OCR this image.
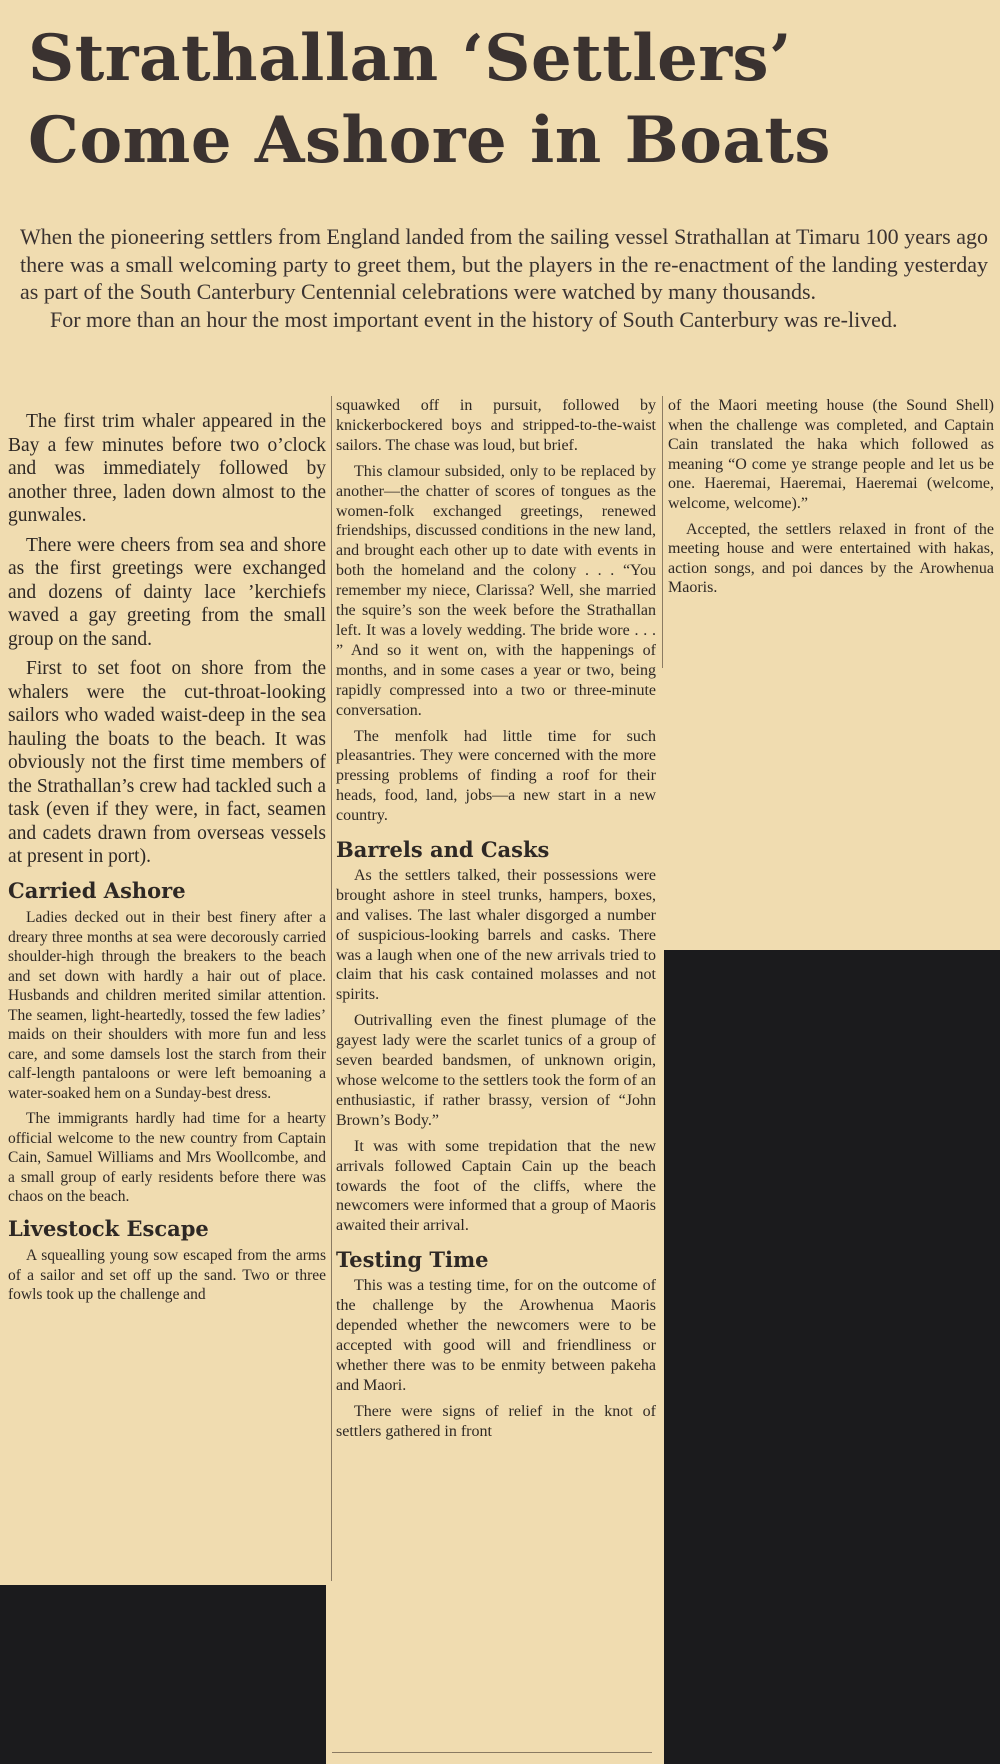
Strathallan ‘Settlers’
Come Ashore in Boats

When the pioneering settlers from England landed from the sailing vessel Strathallan at Timaru 100 years ago there was a small welcoming party to greet them, but the players in the re-enactment of the landing yesterday as part of the South Canterbury Centennial celebrations were watched by many thousands.

For more than an hour the most important event in the history of South Canterbury was re-lived.

The first trim whaler appeared in the Bay a few minutes before two o’clock and was immediately followed by another three, laden down almost to the gunwales.

There were cheers from sea and shore as the first greetings were exchanged and dozens of dainty lace ’kerchiefs waved a gay greeting from the small group on the sand.

First to set foot on shore from the whalers were the cut-throat-looking sailors who waded waist-deep in the sea hauling the boats to the beach. It was obviously not the first time members of the Strathallan’s crew had tackled such a task (even if they were, in fact, seamen and cadets drawn from overseas vessels at present in port).

Carried Ashore

Ladies decked out in their best finery after a dreary three months at sea were decorously carried shoulder-high through the breakers to the beach and set down with hardly a hair out of place. Husbands and children merited similar attention. The seamen, light-heartedly, tossed the few ladies’ maids on their shoulders with more fun and less care, and some damsels lost the starch from their calf-length pantaloons or were left bemoaning a water-soaked hem on a Sunday-best dress.

The immigrants hardly had time for a hearty official welcome to the new country from Captain Cain, Samuel Williams and Mrs Woollcombe, and a small group of early residents before there was chaos on the beach.

Livestock Escape

A squealling young sow escaped from the arms of a sailor and set off up the sand. Two or three fowls took up the challenge and

squawked off in pursuit, followed by knickerbockered boys and stripped-to-the-waist sailors. The chase was loud, but brief.

This clamour subsided, only to be replaced by another—the chatter of scores of tongues as the women-folk exchanged greetings, renewed friendships, discussed conditions in the new land, and brought each other up to date with events in both the homeland and the colony . . . “You remember my niece, Clarissa? Well, she married the squire’s son the week before the Strathallan left. It was a lovely wedding. The bride wore . . . ” And so it went on, with the happenings of months, and in some cases a year or two, being rapidly compressed into a two or three-minute conversation.

The menfolk had little time for such pleasantries. They were concerned with the more pressing problems of finding a roof for their heads, food, land, jobs—a new start in a new country.

Barrels and Casks

As the settlers talked, their possessions were brought ashore in steel trunks, hampers, boxes, and valises. The last whaler disgorged a number of suspicious-looking barrels and casks. There was a laugh when one of the new arrivals tried to claim that his cask contained molasses and not spirits.

Outrivalling even the finest plumage of the gayest lady were the scarlet tunics of a group of seven bearded bandsmen, of unknown origin, whose welcome to the settlers took the form of an enthusiastic, if rather brassy, version of “John Brown’s Body.”

It was with some trepidation that the new arrivals followed Captain Cain up the beach towards the foot of the cliffs, where the newcomers were informed that a group of Maoris awaited their arrival.

Testing Time

This was a testing time, for on the outcome of the challenge by the Arowhenua Maoris depended whether the newcomers were to be accepted with good will and friendliness or whether there was to be enmity between pakeha and Maori.

There were signs of relief in the knot of settlers gathered in front

of the Maori meeting house (the Sound Shell) when the challenge was completed, and Captain Cain translated the haka which followed as meaning “O come ye strange people and let us be one. Haeremai, Haeremai, Haeremai (welcome, welcome, welcome).”

Accepted, the settlers relaxed in front of the meeting house and were entertained with hakas, action songs, and poi dances by the Arowhenua Maoris.
